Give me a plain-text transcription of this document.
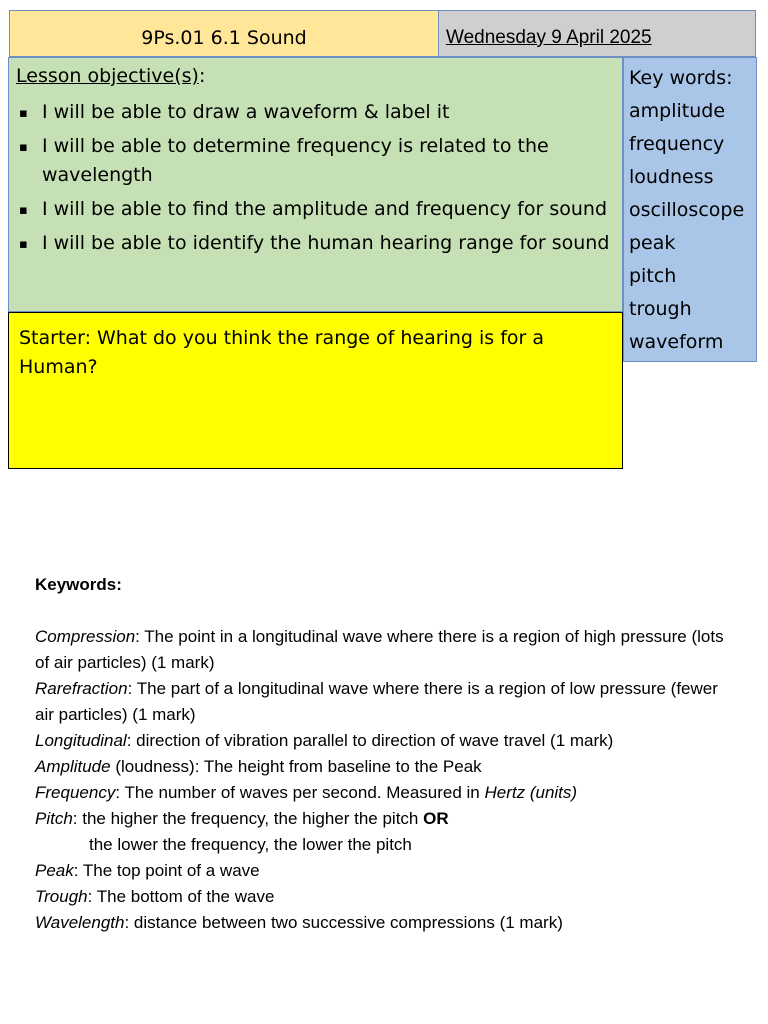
9Ps.01 6.1 Sound	Wednesday 9 April 2025
Lesson objective(s):
▪ I will be able to draw a waveform & label it
▪ I will be able to determine frequency is related to the wavelength
▪ I will be able to find the amplitude and frequency for sound
▪ I will be able to identify the human hearing range for sound
Key words:
amplitude
frequency
loudness
oscilloscope
peak
pitch
trough
waveform
Starter: What do you think the range of hearing is for a Human?
Keywords:
Compression: The point in a longitudinal wave where there is a region of high pressure (lots of air particles) (1 mark)
Rarefraction: The part of a longitudinal wave where there is a region of low pressure (fewer air particles) (1 mark)
Longitudinal: direction of vibration parallel to direction of wave travel (1 mark)
Amplitude (loudness): The height from baseline to the Peak
Frequency: The number of waves per second. Measured in Hertz (units)
Pitch: the higher the frequency, the higher the pitch OR
the lower the frequency, the lower the pitch
Peak: The top point of a wave
Trough: The bottom of the wave
Wavelength: distance between two successive compressions (1 mark)
